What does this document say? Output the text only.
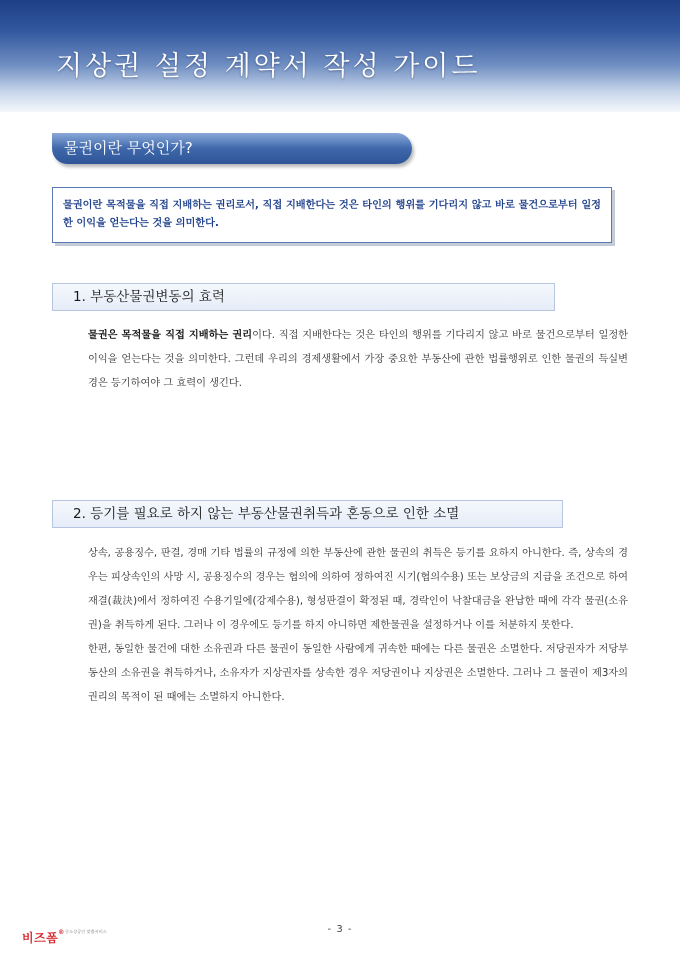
지상권 설정 계약서 작성 가이드
물권이란 무엇인가?
물권이란 목적물을 직접 지배하는 권리로서, 직접 지배한다는 것은 타인의 행위를 기다리지 않고 바로 물건으로부터 일정한 이익을 얻는다는 것을 의미한다.
1. 부동산물권변동의 효력

물권은 목적물을 직접 지배하는 권리이다. 직접 지배한다는 것은 타인의 행위를 기다리지 않고 바로 물건으로부터 일정한 이익을 얻는다는 것을 의미한다. 그런데 우리의 경제생활에서 가장 중요한 부동산에 관한 법률행위로 인한 물권의 득실변경은 등기하여야 그 효력이 생긴다.

2. 등기를 필요로 하지 않는 부동산물권취득과 혼동으로 인한 소멸

상속, 공용징수, 판결, 경매 기타 법률의 규정에 의한 부동산에 관한 물권의 취득은 등기를 요하지 아니한다. 즉, 상속의 경우는 피상속인의 사망 시, 공용징수의 경우는 협의에 의하여 정하여진 시기(협의수용) 또는 보상금의 지급을 조건으로 하여 재결(裁決)에서 정하여진 수용기일에(강제수용), 형성판결이 확정된 때, 경락인이 낙찰대금을 완납한 때에 각각 물권(소유권)을 취득하게 된다. 그러나 이 경우에도 등기를 하지 아니하면 제한물권을 설정하거나 이를 처분하지 못한다.

한편, 동일한 물건에 대한 소유권과 다른 물권이 동일한 사람에게 귀속한 때에는 다른 물권은 소멸한다. 저당권자가 저당부동산의 소유권을 취득하거나, 소유자가 지상권자를 상속한 경우 저당권이나 지상권은 소멸한다. 그러나 그 물권이 제3자의 권리의 목적이 된 때에는 소멸하지 아니한다.

비즈폼® 중소상공인 맞춤서비스	- 3 -
